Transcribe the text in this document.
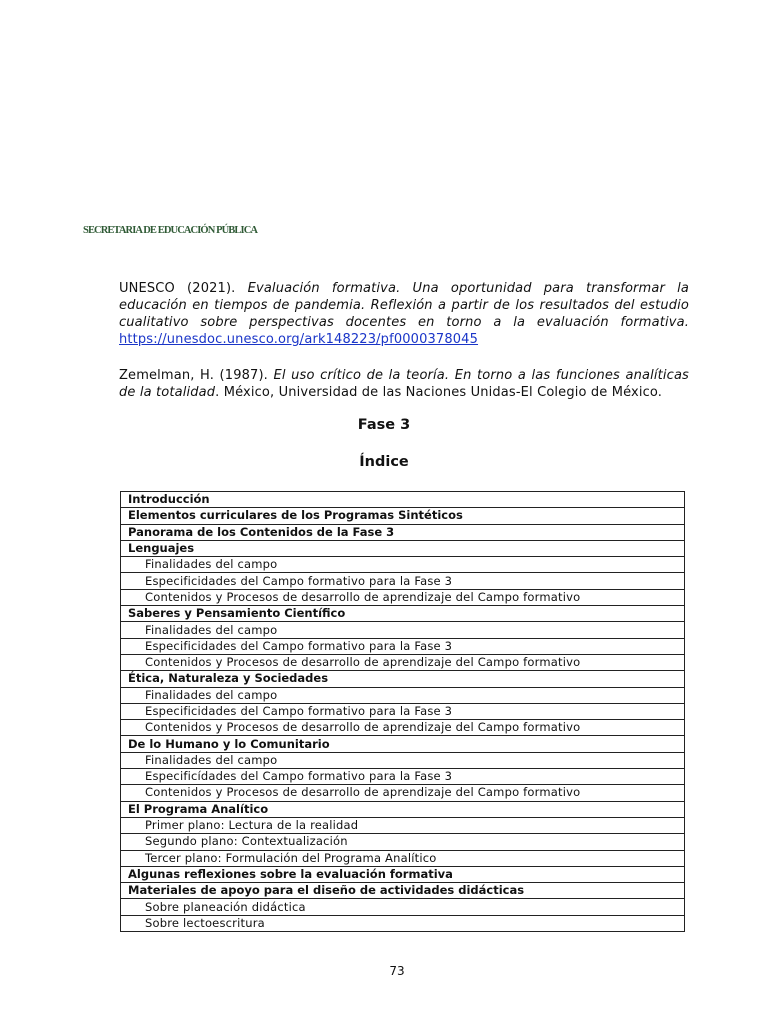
SECRETARIA DE EDUCACIÓN PÚBLICA

UNESCO (2021). Evaluación formativa. Una oportunidad para transformar la educación en tiempos de pandemia. Reflexión a partir de los resultados del estudio cualitativo sobre perspectivas docentes en torno a la evaluación formativa. https://unesdoc.unesco.org/ark148223/pf0000378045

Zemelman, H. (1987). El uso crítico de la teoría. En torno a las funciones analíticas de la totalidad. México, Universidad de las Naciones Unidas-El Colegio de México.

Fase 3
Índice
Introducción
Elementos curriculares de los Programas Sintéticos
Panorama de los Contenidos de la Fase 3
Lenguajes
Finalidades del campo
Especificidades del Campo formativo para la Fase 3
Contenidos y Procesos de desarrollo de aprendizaje del Campo formativo
Saberes y Pensamiento Científico
Finalidades del campo
Especificidades del Campo formativo para la Fase 3
Contenidos y Procesos de desarrollo de aprendizaje del Campo formativo
Ética, Naturaleza y Sociedades
Finalidades del campo
Especificidades del Campo formativo para la Fase 3
Contenidos y Procesos de desarrollo de aprendizaje del Campo formativo
De lo Humano y lo Comunitario
Finalidades del campo
Especificídades del Campo formativo para la Fase 3
Contenidos y Procesos de desarrollo de aprendizaje del Campo formativo
El Programa Analítico
Primer plano: Lectura de la realidad
Segundo plano: Contextualización
Tercer plano: Formulación del Programa Analítico
Algunas reflexiones sobre la evaluación formativa
Materiales de apoyo para el diseño de actividades didácticas
Sobre planeación didáctica
Sobre lectoescritura
73
